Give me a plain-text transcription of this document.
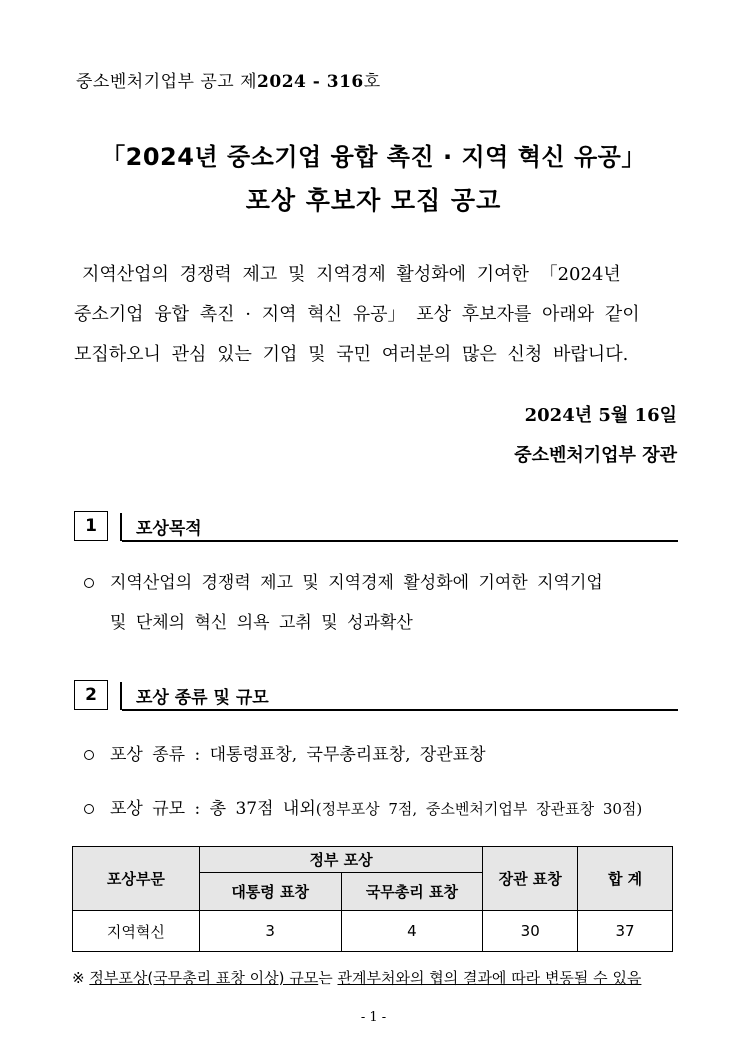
중소벤처기업부 공고 제2024 - 316호
「2024년 중소기업 융합 촉진 · 지역 혁신 유공」
포상 후보자 모집 공고
지역산업의 경쟁력 제고 및 지역경제 활성화에 기여한 「2024년
중소기업 융합 촉진 · 지역 혁신 유공」 포상 후보자를 아래와 같이
모집하오니 관심 있는 기업 및 국민 여러분의 많은 신청 바랍니다.
2024년 5월 16일
중소벤처기업부 장관
1	포상목적
지역산업의 경쟁력 제고 및 지역경제 활성화에 기여한 지역기업
및 단체의 혁신 의욕 고취 및 성과확산
2	포상 종류 및 규모
포상 종류 : 대통령표창, 국무총리표창, 장관표창
포상 규모 : 총 37점 내외(정부포상 7점, 중소벤처기업부 장관표창 30점)
포상부문	정부 포상		장관 표창	합 계
	대통령 표창	국무총리 표창		
지역혁신	3	4	30	37
※ 정부포상(국무총리 표창 이상) 규모는 관계부처와의 협의 결과에 따라 변동될 수 있음
- 1 -
